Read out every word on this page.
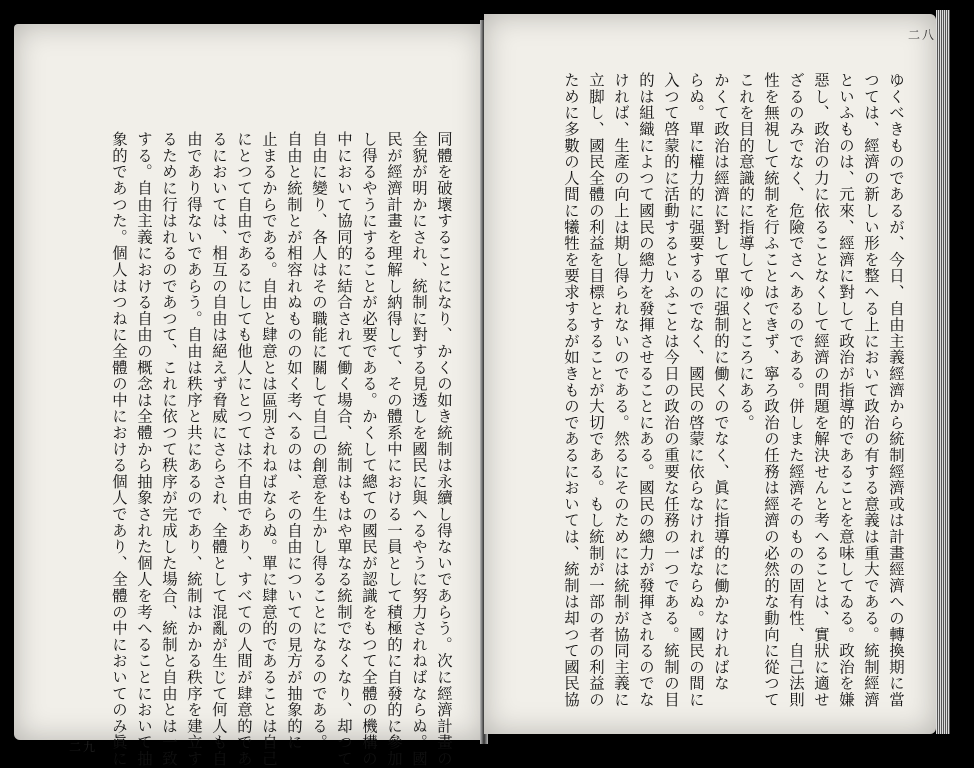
同體を破壞することになり、かくの如き統制は永續し得ないであらう。次に經濟計畫の
全貌が明かにされ、統制に對する見透しを國民に與へるやうに努力されねばならぬ。國
民が經濟計畫を理解し納得して、その體系中における一員として積極的に自發的に參加
し得るやうにすることが必要である。かくして總ての國民が認識をもつて全體の機構の
中において協同的に結合されて働く場合、統制はもはや單なる統制でなくなり、却つて
自由に變り、各人はその職能に關して自己の創意を生かし得ることになるのである。
自由と統制とが相容れぬものの如く考へるのは、その自由についての見方が抽象的に
止まるからである。自由と肆意とは區別されねばならぬ。單に肆意的であることは自己
にとつて自由であるにしても他人にとつては不自由であり、すべての人間が肆意的であ
るにおいては、相互の自由は絕えず脅威にさらされ、全體として混亂が生じて何人も自
由であり得ないであらう。自由は秩序と共にあるのであり、統制はかかる秩序を建立す
るために行はれるのであつて、これに依つて秩序が完成した場合、統制と自由とは一致
する。自由主義における自由の概念は全體から抽象された個人を考へることにおいて抽
象的であつた。個人はつねに全體の中における個人であり、全體の中においてのみ眞に
二九
ゆくべきものであるが、今日、自由主義經濟から統制經濟或は計畫經濟への轉換期に當
つては、經濟の新しい形を整へる上において政治の有する意義は重大である。統制經濟
といふものは、元來、經濟に對して政治が指導的であることを意味してゐる。政治を嫌
惡し、政治の力に依ることなくして經濟の問題を解決せんと考へることは、實狀に適せ
ざるのみでなく、危險でさへあるのである。併しまた經濟そのものの固有性、自己法則
性を無視して統制を行ふことはできず、寧ろ政治の任務は經濟の必然的な動向に從つて
これを目的意識的に指導してゆくところにある。
かくて政治は經濟に對して單に强制的に働くのでなく、眞に指導的に働かなければな
らぬ。單に權力的に强要するのでなく、國民の啓蒙に依らなければならぬ。國民の間に
入つて啓蒙的に活動するといふことは今日の政治の重要な任務の一つである。統制の目
的は組織によつて國民の總力を發揮させることにある。國民の總力が發揮されるのでな
ければ、生產の向上は期し得られないのである。然るにそのためには統制が協同主義に
立脚し、國民全體の利益を目標とすることが大切である。もし統制が一部の者の利益の
ために多數の人間に犧牲を要求するが如きものであるにおいては、統制は却つて國民協
二八
